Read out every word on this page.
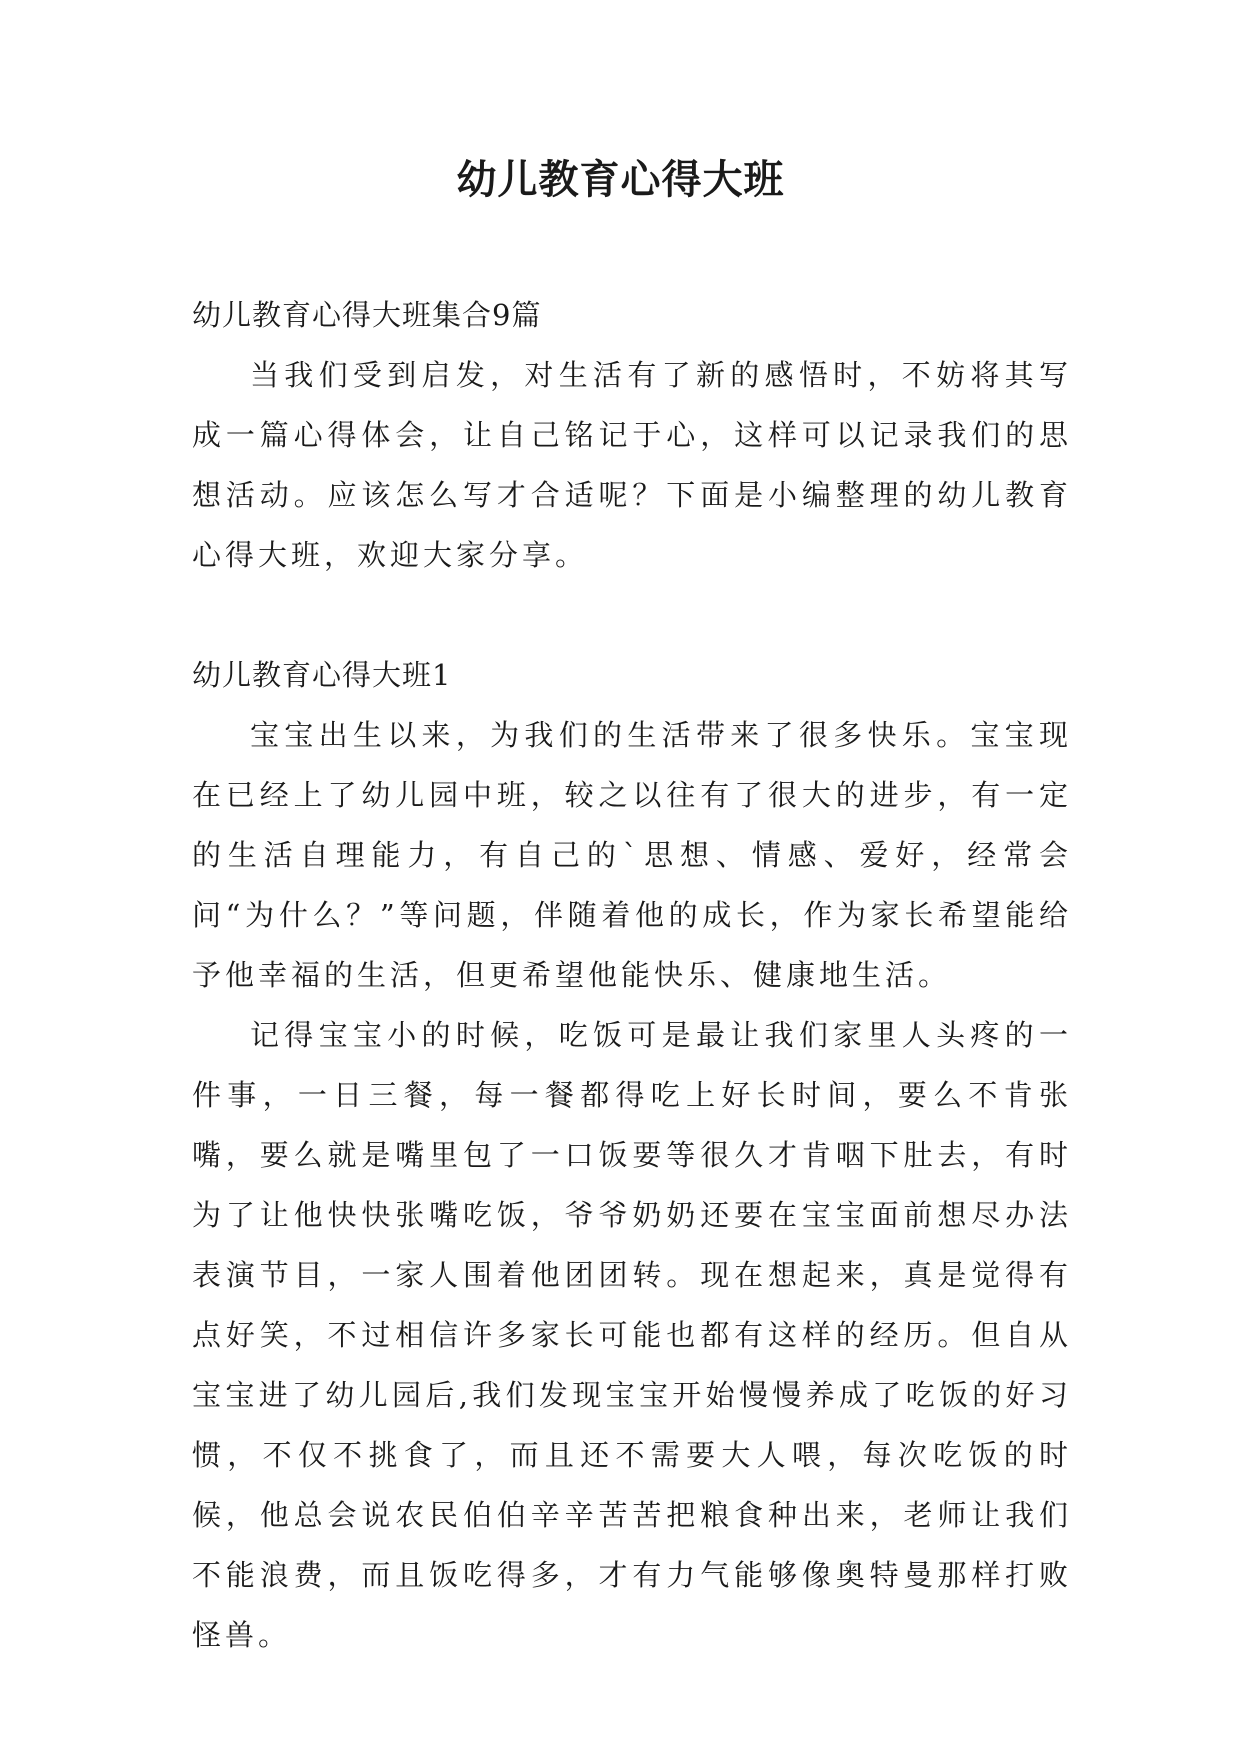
幼儿教育心得大班

幼儿教育心得大班集合9篇

当我们受到启发，对生活有了新的感悟时，不妨将其写成一篇心得体会，让自己铭记于心，这样可以记录我们的思想活动。应该怎么写才合适呢？下面是小编整理的幼儿教育心得大班，欢迎大家分享。

幼儿教育心得大班1

宝宝出生以来，为我们的生活带来了很多快乐。宝宝现在已经上了幼儿园中班，较之以往有了很大的进步，有一定的生活自理能力，有自己的`思想、情感、爱好，经常会问“为什么？”等问题，伴随着他的成长，作为家长希望能给予他幸福的生活，但更希望他能快乐、健康地生活。

记得宝宝小的时候，吃饭可是最让我们家里人头疼的一件事，一日三餐，每一餐都得吃上好长时间，要么不肯张嘴，要么就是嘴里包了一口饭要等很久才肯咽下肚去，有时为了让他快快张嘴吃饭，爷爷奶奶还要在宝宝面前想尽办法表演节目，一家人围着他团团转。现在想起来，真是觉得有点好笑，不过相信许多家长可能也都有这样的经历。但自从宝宝进了幼儿园后,我们发现宝宝开始慢慢养成了吃饭的好习惯，不仅不挑食了，而且还不需要大人喂，每次吃饭的时候，他总会说农民伯伯辛辛苦苦把粮食种出来，老师让我们不能浪费，而且饭吃得多，才有力气能够像奥特曼那样打败怪兽。
